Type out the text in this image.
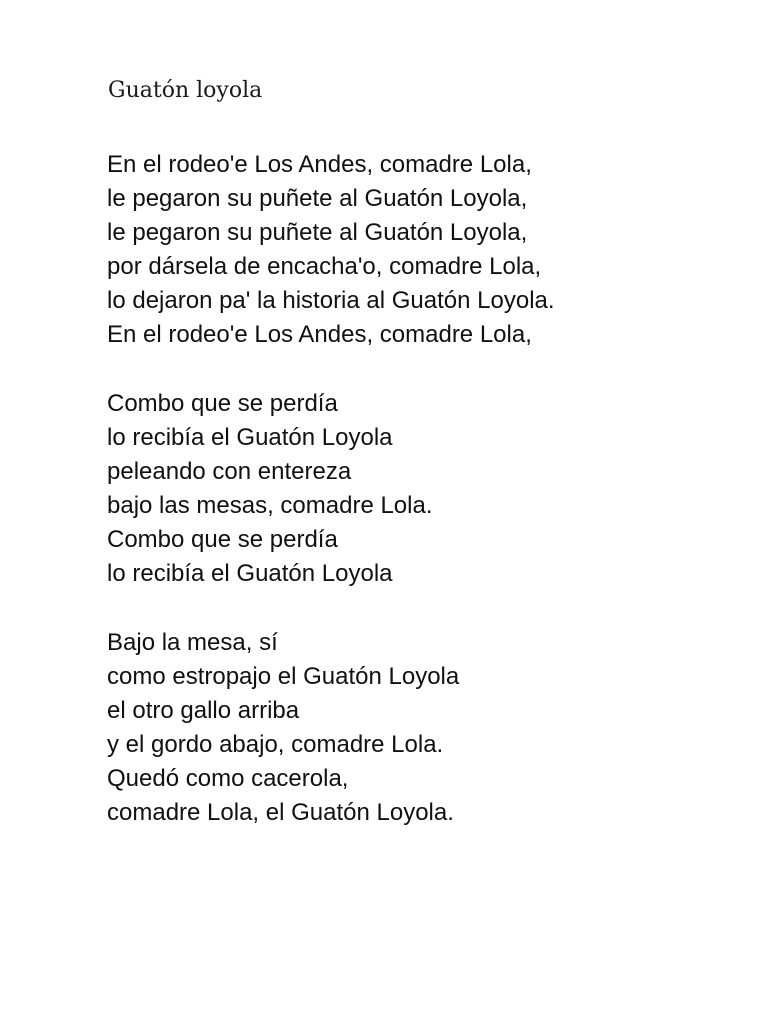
Guatón loyola
En el rodeo'e Los Andes, comadre Lola,
le pegaron su puñete al Guatón Loyola,
le pegaron su puñete al Guatón Loyola,
por dársela de encacha'o, comadre Lola,
lo dejaron pa' la historia al Guatón Loyola.
En el rodeo'e Los Andes, comadre Lola,
Combo que se perdía
lo recibía el Guatón Loyola
peleando con entereza
bajo las mesas, comadre Lola.
Combo que se perdía
lo recibía el Guatón Loyola
Bajo la mesa, sí
como estropajo el Guatón Loyola
el otro gallo arriba
y el gordo abajo, comadre Lola.
Quedó como cacerola,
comadre Lola, el Guatón Loyola.
